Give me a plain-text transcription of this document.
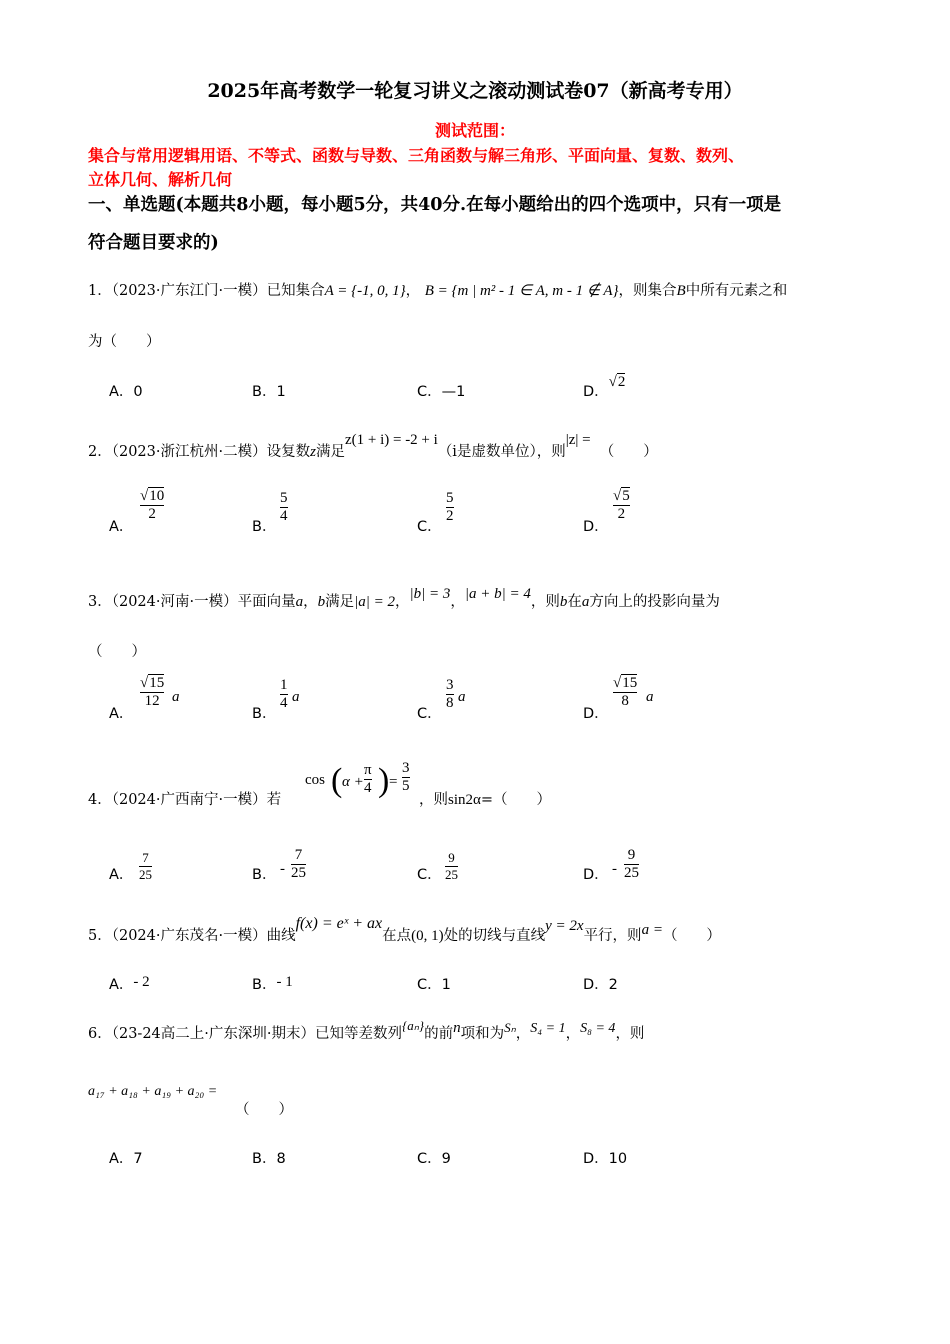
2025年高考数学一轮复习讲义之滚动测试卷07（新高考专用）
测试范围：
集合与常用逻辑用语、不等式、函数与导数、三角函数与解三角形、平面向量、复数、数列、
立体几何、解析几何
一、单选题(本题共8小题，每小题5分，共40分.在每小题给出的四个选项中，只有一项是
符合题目要求的)
1．（2023·广东江门·一模）已知集合A = {-1, 0, 1}， B = {m | m² - 1 ∈ A, m - 1 ∉ A}，则集合B中所有元素之和
为（　　）
A．0	B．1	C．—1	D．√2
2．（2023·浙江杭州·二模）设复数z满足z(1 + i) = -2 + i（i是虚数单位），则|z| =  （　　）
A．
$\frac{√10}{2}$
B．
$\frac{5}{4}$
C．
$\frac{5}{2}$
D．
$\frac{√5}{2}$
3．（2024·河南·一模）平面向量a，b满足|a| = 2，|b| = 3，|a + b| = 4，则b在a方向上的投影向量为
（　　）
A．
$\frac{√15}{12}$ a
B．
$\frac{1}{4}$ a
C．
$\frac{3}{8}$ a
D．
$\frac{√15}{8}$ a
4．（2024·广西南宁·一模）若
cos ( $\alpha + \frac{\pi}{4}$ ) = $\frac{3}{5}$
，则sin2α=（　　）
A． $\frac{7}{25}$	B． - $\frac{7}{25}$	C． $\frac{9}{25}$	D． - $\frac{9}{25}$
5．（2024·广东茂名·一模）曲线f(x) = eˣ + ax在点(0, 1)处的切线与直线y = 2x平行，则a =（　　）
A．- 2	B．- 1	C．1	D．2
6．（23-24高二上·广东深圳·期末）已知等差数列{aₙ}的前n项和为Sₙ，S₄ = 1，S₈ = 4，则
a₁₇ + a₁₈ + a₁₉ + a₂₀ =
（　　）
A．7	B．8	C．9	D．10
